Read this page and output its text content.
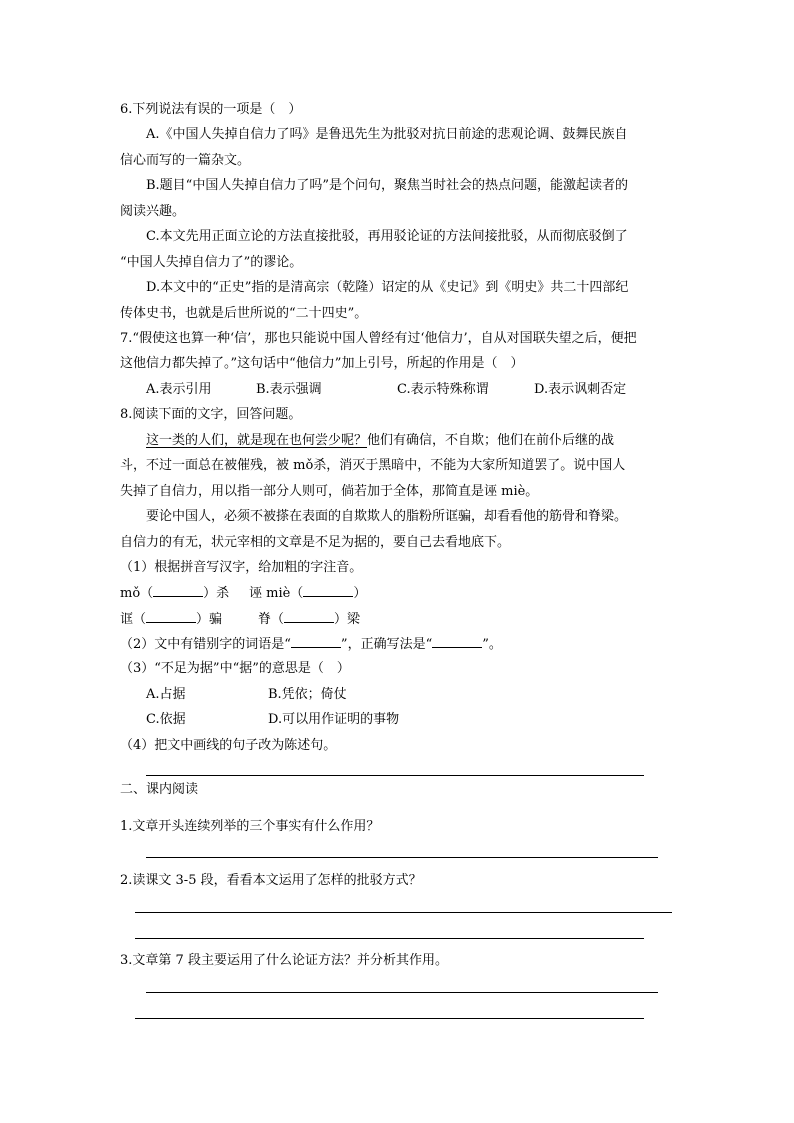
6.下列说法有误的一项是（　）
A.《中国人失掉自信力了吗》是鲁迅先生为批驳对抗日前途的悲观论调、鼓舞民族自
信心而写的一篇杂文。
B.题目“中国人失掉自信力了吗”是个问句，聚焦当时社会的热点问题，能激起读者的
阅读兴趣。
C.本文先用正面立论的方法直接批驳，再用驳论证的方法间接批驳，从而彻底驳倒了
“中国人失掉自信力了”的谬论。
D.本文中的“正史”指的是清高宗（乾隆）诏定的从《史记》到《明史》共二十四部纪
传体史书，也就是后世所说的“二十四史”。
7.“假使这也算一种‘信’，那也只能说中国人曾经有过‘他信力’，自从对国联失望之后，便把
这他信力都失掉了。”这句话中“他信力”加上引号，所起的作用是（　）
A.表示引用	B.表示强调	C.表示特殊称谓	D.表示讽刺否定
8.阅读下面的文字，回答问题。
这一类的人们，就是现在也何尝少呢？他们有确信，不自欺；他们在前仆后继的战
斗，不过一面总在被催残，被 mǒ杀，消灭于黑暗中，不能为大家所知道罢了。说中国人
失掉了自信力，用以指一部分人则可，倘若加于全体，那简直是诬 miè。
要论中国人，必须不被搽在表面的自欺欺人的脂粉所诓骗，却看看他的筋骨和脊梁。
自信力的有无，状元宰相的文章是不足为据的，要自己去看地底下。
（1）根据拼音写汉字，给加粗的字注音。
mǒ（	）杀 诬 miè（	）
诓（	）骗	脊（	）梁
（2）文中有错别字的词语是“	”，正确写法是“	”。
（3）“不足为据”中“据”的意思是（　）
A.占据	B.凭依；倚仗
C.依据	D.可以用作证明的事物
（4）把文中画线的句子改为陈述句。
二、课内阅读
1.文章开头连续列举的三个事实有什么作用？
2.读课文 3-5 段，看看本文运用了怎样的批驳方式？
3.文章第 7 段主要运用了什么论证方法？并分析其作用。
